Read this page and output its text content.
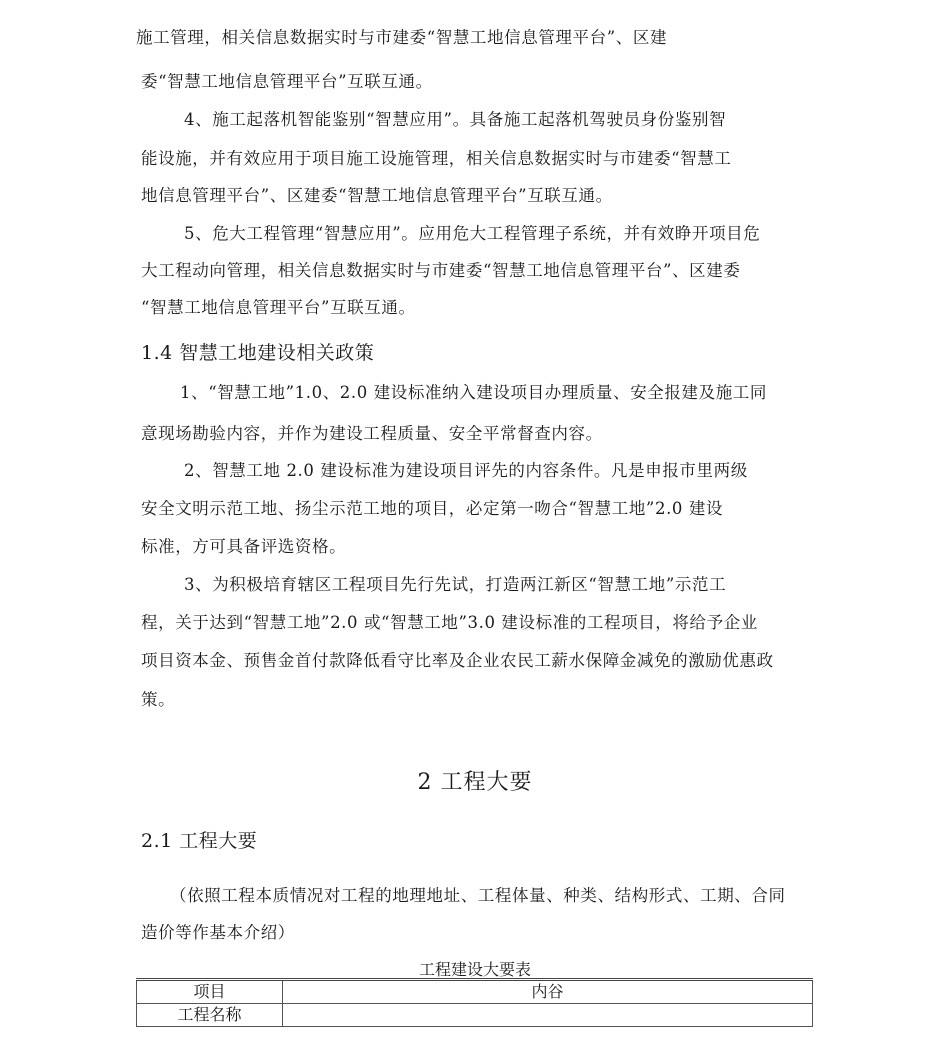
施工管理，相关信息数据实时与市建委“智慧工地信息管理平台”、区建
委“智慧工地信息管理平台”互联互通。
4、施工起落机智能鉴别“智慧应用”。具备施工起落机驾驶员身份鉴别智
能设施，并有效应用于项目施工设施管理，相关信息数据实时与市建委“智慧工
地信息管理平台”、区建委“智慧工地信息管理平台”互联互通。
5、危大工程管理“智慧应用”。应用危大工程管理子系统，并有效睁开项目危
大工程动向管理，相关信息数据实时与市建委“智慧工地信息管理平台”、区建委
“智慧工地信息管理平台”互联互通。
1.4 智慧工地建设相关政策
1、“智慧工地”1.0、2.0 建设标准纳入建设项目办理质量、安全报建及施工同
意现场勘验内容，并作为建设工程质量、安全平常督查内容。
2、智慧工地 2.0 建设标准为建设项目评先的内容条件。凡是申报市里两级
安全文明示范工地、扬尘示范工地的项目，必定第一吻合“智慧工地”2.0 建设
标准，方可具备评选资格。
3、为积极培育辖区工程项目先行先试，打造两江新区“智慧工地”示范工
程，关于达到“智慧工地”2.0 或“智慧工地”3.0 建设标准的工程项目，将给予企业
项目资本金、预售金首付款降低看守比率及企业农民工薪水保障金减免的激励优惠政
策。
2 工程大要
2.1 工程大要
（依照工程本质情况对工程的地理地址、工程体量、种类、结构形式、工期、合同
造价等作基本介绍）
工程建设大要表
项目	内谷
工程名称	
